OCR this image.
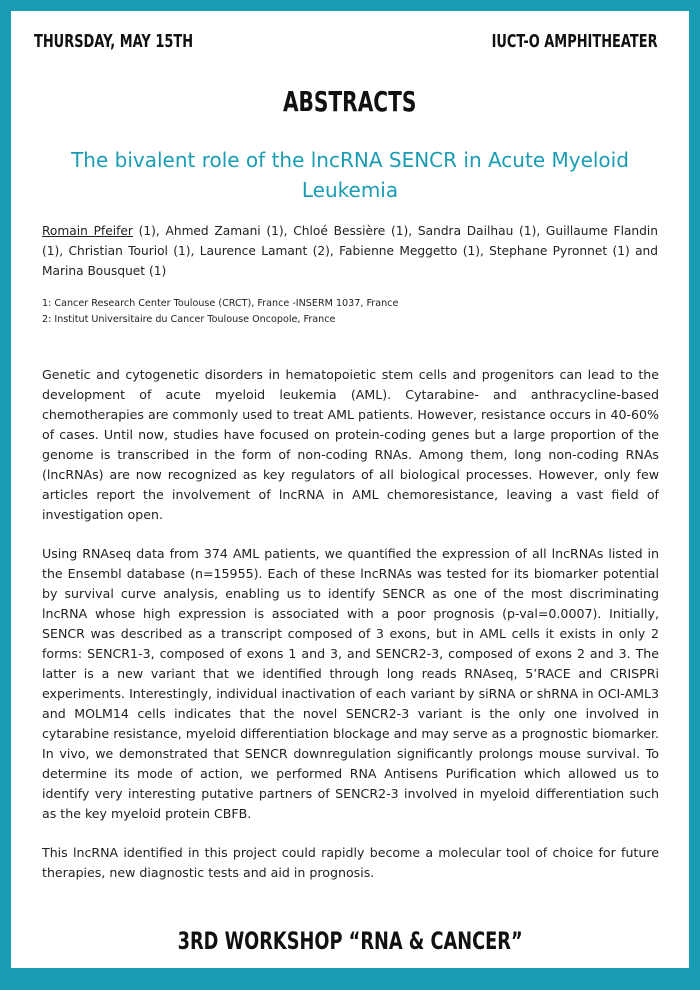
THURSDAY, MAY 15TH	IUCT-O AMPHITHEATER
ABSTRACTS
The bivalent role of the lncRNA SENCR in Acute Myeloid Leukemia
Romain Pfeifer (1), Ahmed Zamani (1), Chloé Bessière (1), Sandra Dailhau (1), Guillaume Flandin (1), Christian Touriol (1), Laurence Lamant (2), Fabienne Meggetto (1), Stephane Pyronnet (1) and Marina Bousquet (1)
1: Cancer Research Center Toulouse (CRCT), France -INSERM 1037, France
2: Institut Universitaire du Cancer Toulouse Oncopole, France

Genetic and cytogenetic disorders in hematopoietic stem cells and progenitors can lead to the development of acute myeloid leukemia (AML). Cytarabine- and anthracycline-based chemotherapies are commonly used to treat AML patients. However, resistance occurs in 40-60% of cases. Until now, studies have focused on protein-coding genes but a large proportion of the genome is transcribed in the form of non-coding RNAs. Among them, long non-coding RNAs (lncRNAs) are now recognized as key regulators of all biological processes. However, only few articles report the involvement of lncRNA in AML chemoresistance, leaving a vast field of investigation open.

Using RNAseq data from 374 AML patients, we quantified the expression of all lncRNAs listed in the Ensembl database (n=15955). Each of these lncRNAs was tested for its biomarker potential by survival curve analysis, enabling us to identify SENCR as one of the most discriminating lncRNA whose high expression is associated with a poor prognosis (p-val=0.0007). Initially, SENCR was described as a transcript composed of 3 exons, but in AML cells it exists in only 2 forms: SENCR1-3, composed of exons 1 and 3, and SENCR2-3, composed of exons 2 and 3. The latter is a new variant that we identified through long reads RNAseq, 5’RACE and CRISPRi experiments. Interestingly, individual inactivation of each variant by siRNA or shRNA in OCI-AML3 and MOLM14 cells indicates that the novel SENCR2-3 variant is the only one involved in cytarabine resistance, myeloid differentiation blockage and may serve as a prognostic biomarker. In vivo, we demonstrated that SENCR downregulation significantly prolongs mouse survival. To determine its mode of action, we performed RNA Antisens Purification which allowed us to identify very interesting putative partners of SENCR2-3 involved in myeloid differentiation such as the key myeloid protein CBFB.

This lncRNA identified in this project could rapidly become a molecular tool of choice for future therapies, new diagnostic tests and aid in prognosis.

3RD WORKSHOP “RNA & CANCER”
